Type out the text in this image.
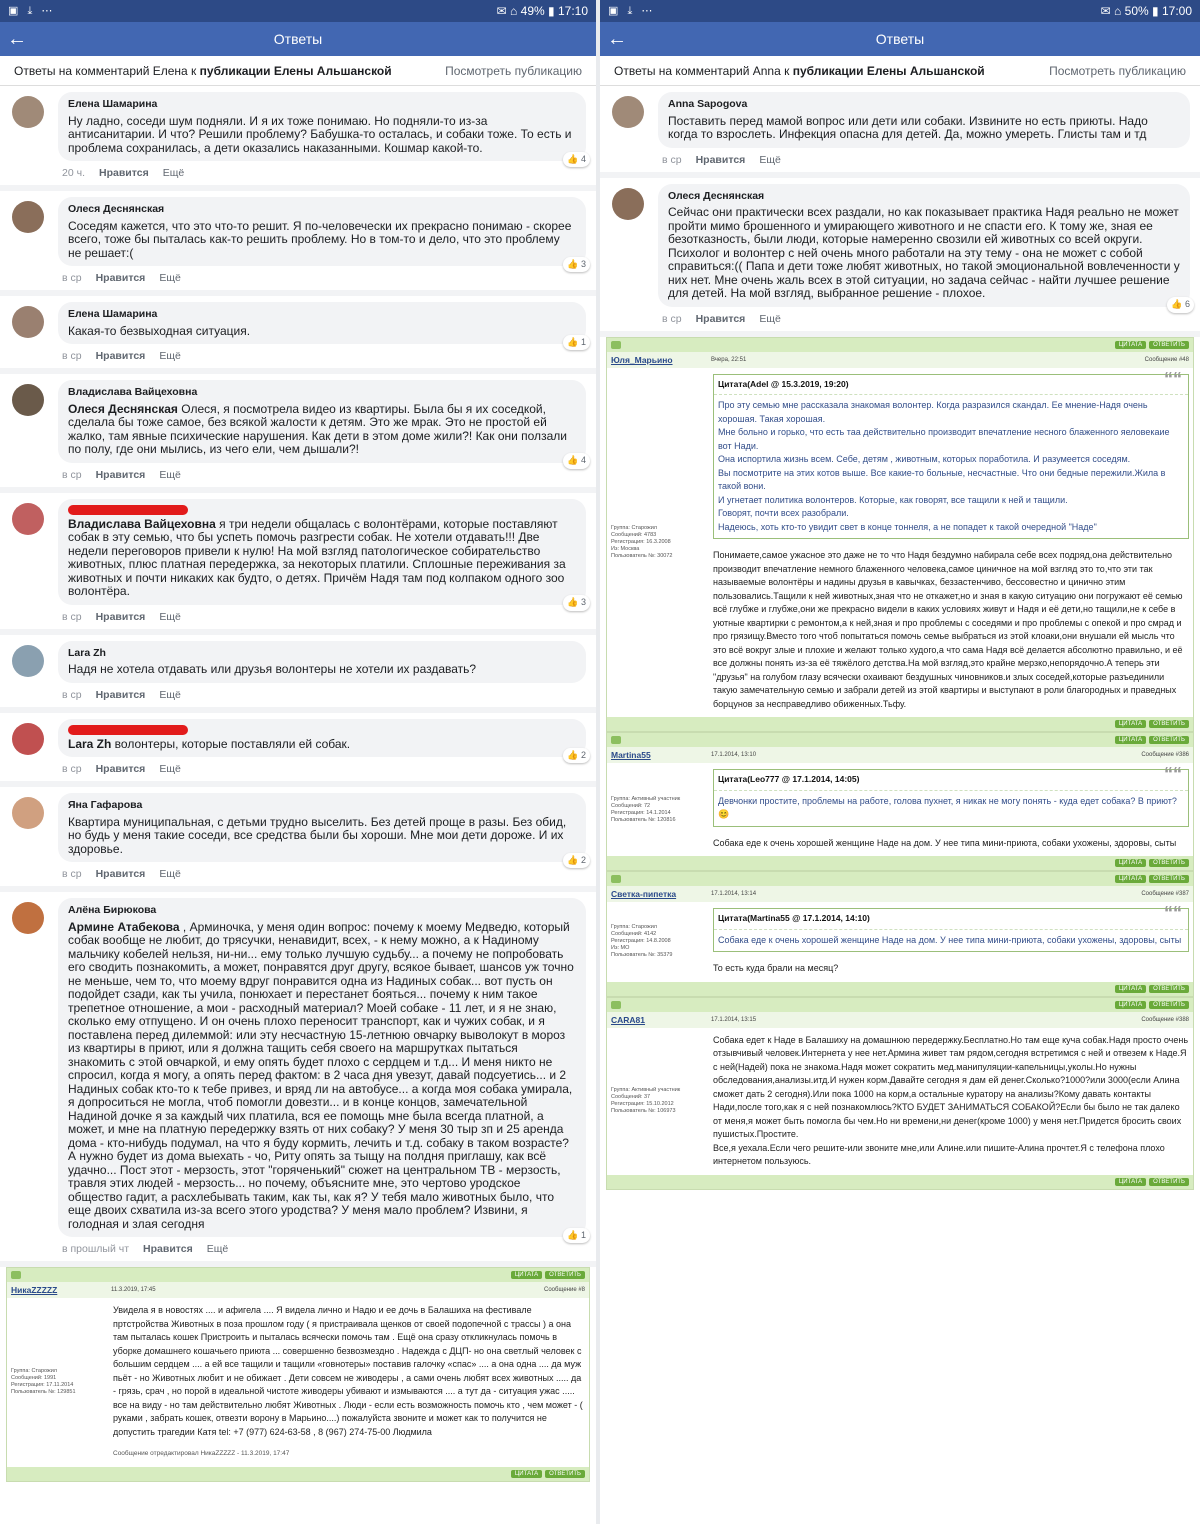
▣ ⤓ ⋯	✉ ⌂ 49% ▮ 17:10
←	Ответы
Ответы на комментарий Елена к публикации Елены Альшанской	Посмотреть публикацию
Елена Шамарина
Ну ладно, соседи шум подняли. И я их тоже понимаю. Но подняли-то из-за антисанитарии. И что? Решили проблему? Бабушка-то осталась, и собаки тоже. То есть и проблема сохранилась, а дети оказались наказанными. Кошмар какой-то.
👍 4
20 ч. Нравится Ещё
Олеся Деснянская
Соседям кажется, что это что-то решит. Я по-человечески их прекрасно понимаю - скорее всего, тоже бы пыталась как-то решить проблему. Но в том-то и дело, что это проблему не решает:(
👍 3
в ср Нравится Ещё
Елена Шамарина
Какая-то безвыходная ситуация.
👍 1
в ср Нравится Ещё
Владислава Вайцеховна
Олеся Деснянская Олеся, я посмотрела видео из квартиры. Была бы я их соседкой, сделала бы тоже самое, без всякой жалости к детям. Это же мрак. Это не простой ей жалко, там явные психические нарушения. Как дети в этом доме жили?! Как они ползали по полу, где они мылись, из чего ели, чем дышали?!
👍 4
в ср Нравится Ещё
Владислава Вайцеховна я три недели общалась с волонтёрами, которые поставляют собак в эту семью, что бы успеть помочь разгрести собак. Не хотели отдавать!!! Две недели переговоров привели к нулю! На мой взгляд патологическое собирательство животных, плюс платная передержка, за некоторых платили. Сплошные переживания за животных и почти никаких как будто, о детях. Причём Надя там под колпаком одного зоо волонтёра.
👍 3
в ср Нравится Ещё
Lara Zh
Надя не хотела отдавать или друзья волонтеры не хотели их раздавать?
в ср Нравится Ещё
Lara Zh волонтеры, которые поставляли ей собак.
👍 2
в ср Нравится Ещё
Яна Гафарова
Квартира муниципальная, с детьми трудно выселить. Без детей проще в разы. Без обид, но будь у меня такие соседи, все средства были бы хороши. Мне мои дети дороже. И их здоровье.
👍 2
в ср Нравится Ещё
Алёна Бирюкова
Армине Атабекова , Арминочка, у меня один вопрос: почему к моему Медведю, который собак вообще не любит, до трясучки, ненавидит, всех, - к нему можно, а к Надиному мальчику кобелей нельзя, ни-ни... ему только лучшую судьбу... а почему не попробовать его сводить познакомить, а может, понравятся друг другу, всякое бывает, шансов уж точно не меньше, чем то, что моему вдруг понравится одна из Надиных собак... вот пусть он подойдет сзади, как ты учила, понюхает и перестанет бояться... почему к ним такое трепетное отношение, а мои - расходный материал? Моей собаке - 11 лет, и я не знаю, сколько ему отпущено. И он очень плохо переносит транспорт, как и чужих собак, и я поставлена перед дилеммой: или эту несчастную 15-летнюю овчарку выволокут в мороз из квартиры в приют, или я должна тащить себя своего на маршрутках пытаться знакомить с этой овчаркой, и ему опять будет плохо с сердцем и т.д... И меня никто не спросил, когда я могу, а опять перед фактом: в 2 часа дня увезут, давай подсуетись... и 2 Надиных собак кто-то к тебе привез, и вряд ли на автобусе... а когда моя собака умирала, я допроситься не могла, чтоб помогли довезти... и в конце концов, замечательной Надиной дочке я за каждый чих платила, вся ее помощь мне была всегда платной, а может, и мне на платную передержку взять от них собаку? У меня 30 тыр зп и 25 аренда дома - кто-нибудь подумал, на что я буду кормить, лечить и т.д. собаку в таком возрасте? А нужно будет из дома выехать - чо, Риту опять за тыщу на полдня приглашу, как всё удачно... Пост этот - мерзость, этот "горяченький" сюжет на центральном ТВ - мерзость, травля этих людей - мерзость... но почему, объясните мне, это чертово уродское общество гадит, а расхлебывать таким, как ты, как я? У тебя мало животных было, что еще двоих схватила из-за всего этого уродства? У меня мало проблем? Извини, я голодная и злая сегодня
👍 1
в прошлый чт Нравится Ещё
ЦИТАТА	ОТВЕТИТЬ
НикаZZZZZ	11.3.2019, 17:45	Сообщение #8
Группа: Старожил
Сообщений: 1991
Регистрация: 17.11.2014
Пользователь №: 129851
Увидела я в новостях .... и афигела .... Я видела лично и Надю и ее дочь в Балашиха на фестивале пртстройства Животных в поза прошлом году ( я пристраивала щенков от своей подопечной с трассы ) а она там пыталась кошек Пристроить и пыталась всячески помочь там . Ещё она сразу откликнулась помочь в уборке домашнего кошачьего приюта ... совершенно безвозмездно . Надежда с ДЦП- но она светлый человек с большим сердцем .... а ей все тащили и тащили «говнотеры» поставив галочку «спас» .... а она одна .... да муж пьёт - но Животных любит и не обижает . Дети совсем не живодеры , а сами очень любят всех животных ..... да - грязь, срач , но порой в идеальной чистоте живодеры убивают и измываются .... а тут да - ситуация ужас ..... все на виду - но там действительно любят Животных . Люди - если есть возможность помочь кто , чем может - ( руками , забрать кошек, отвезти ворону в Марьино....) пожалуйста звоните и может как то получится не допустить трагедии Катя tel: +7 (977) 624-63-58 , 8 (967) 274-75-00 Людмила
Сообщение отредактировал НикаZZZZZ - 11.3.2019, 17:47
ЦИТАТА	ОТВЕТИТЬ
▣ ⤓ ⋯	✉ ⌂ 50% ▮ 17:00
←	Ответы
Ответы на комментарий Anna к публикации Елены Альшанской	Посмотреть публикацию
Anna Sapogova
Поставить перед мамой вопрос или дети или собаки. Извините но есть приюты. Надо когда то взрослеть. Инфекция опасна для детей. Да, можно умереть. Глисты там и тд
в ср Нравится Ещё
Олеся Деснянская
Сейчас они практически всех раздали, но как показывает практика Надя реально не может пройти мимо брошенного и умирающего животного и не спасти его. К тому же, зная ее безотказность, были люди, которые намеренно свозили ей животных со всей округи. Психолог и волонтер с ней очень много работали на эту тему - она не может с собой справиться:(( Папа и дети тоже любят животных, но такой эмоциональной вовлеченности у них нет. Мне очень жаль всех в этой ситуации, но задача сейчас - найти лучшее решение для детей. На мой взгляд, выбранное решение - плохое.
👍 6
в ср Нравится Ещё
ЦИТАТА	ОТВЕТИТЬ
Юля_Марьино	Вчера, 22:51	Сообщение #48
Группа: Старожил
Сообщений: 4783
Регистрация: 16.3.2008
Из: Москва
Пользователь №: 30072
Цитата(Adel @ 15.3.2019, 19:20) ““
Про эту семью мне рассказала знакомая волонтер. Когда разразился скандал. Ее мнение-Надя очень хорошая. Такая хорошая.
Мне больно и горько, что есть таа действительно производит впечатление несного блаженного яеловекаие вот Нади.
Она испортила жизнь всем. Себе, детям , животным, которых поработила. И разумеется соседям.
Вы посмотрите на этих котов выше. Все какие-то больные, несчастные. Что они бедные пережили.Жила в такой вони.
И угнетает политика волонтеров. Которые, как говорят, все тащили к ней и тащили.
Говорят, почти всех разобрали.
Надеюсь, хоть кто-то увидит свет в конце тоннеля, а не попадет к такой очередной "Наде"
Понимаете,самое ужасное это даже не то что Надя бездумно набирала себе всех подряд,она действительно производит впечатление немного блаженного человека,самое циничное на мой взгляд это то,что эти так называемые волонтёры и надины друзья в кавычках, беззастенчиво, бессовестно и цинично этим пользовались.Тащили к ней животных,зная что не откажет,но и зная в какую ситуацию они погружают её семью всё глубже и глубже,они же прекрасно видели в каких условиях живут и Надя и её дети,но тащили,не к себе в уютные квартирки с ремонтом,а к ней,зная и про проблемы с соседями и про проблемы с опекой и про смрад и про грязищу.Вместо того чтоб попытаться помочь семье выбраться из этой клоаки,они внушали ей мысль что это всё вокруг злые и плохие и желают только худого,а что сама Надя всё делается абсолютно правильно, и её все должны понять из-за её тяжёлого детства.На мой взгляд,это крайне мерзко,непорядочно.А теперь эти "друзья" на голубом глазу всячески охаивают бездушных чиновников.и злых соседей,которые разъединили такую замечательную семью и забрали детей из этой квартиры и выступают в роли благородных и праведных борцунов за несправедливо обиженных.Тьфу.
ЦИТАТА	ОТВЕТИТЬ
ЦИТАТА	ОТВЕТИТЬ
Martina55	17.1.2014, 13:10	Сообщение #386
Группа: Активный участник
Сообщений: 72
Регистрация: 14.1.2014
Пользователь №: 120816
Цитата(Leo777 @ 17.1.2014, 14:05) ““
Девчонки простите, проблемы на работе, голова пухнет, я никак не могу понять - куда едет собака? В приют? 😊
Собака еде к очень хорошей женщине Наде на дом. У нее типа мини-приюта, собаки ухожены, здоровы, сыты
ЦИТАТА	ОТВЕТИТЬ
ЦИТАТА	ОТВЕТИТЬ
Светка-пипетка	17.1.2014, 13:14	Сообщение #387
Группа: Старожил
Сообщений: 4142
Регистрация: 14.8.2008
Из: МО
Пользователь №: 35379
Цитата(Martina55 @ 17.1.2014, 14:10) ““
Собака еде к очень хорошей женщине Наде на дом. У нее типа мини-приюта, собаки ухожены, здоровы, сыты
То есть куда брали на месяц?
ЦИТАТА	ОТВЕТИТЬ
ЦИТАТА	ОТВЕТИТЬ
CARA81	17.1.2014, 13:15	Сообщение #388
Группа: Активный участник
Сообщений: 37
Регистрация: 15.10.2012
Пользователь №: 106973
Собака едет к Наде в Балашиху на домашнюю передержку.Бесплатно.Но там еще куча собак.Надя просто очень отзывчивый человек.Интернета у нее нет.Армина живет там рядом,сегодня встретимся с ней и отвезем к Наде.Я с ней(Надей) пока не знакома.Надя может сократить мед.манипуляции-капельницы,уколы.Но нужны обследования,анализы.итд.И нужен корм.Давайте сегодня я дам ей денег.Сколько?1000?или 3000(если Алина сможет дать 2 сегодня).Или пока 1000 на корм,а остальные куратору на анализы?Кому давать контакты Нади,после того,как я с ней познакомлюсь?КТО БУДЕТ ЗАНИМАТЬСЯ СОБАКОЙ?Если бы было не так далеко от меня,я может быть помогла бы чем.Но ни времени,ни денег(кроме 1000) у меня нет.Придется бросить своих пушистых.Простите.
Все,я уехала.Если чего решите-или звоните мне,или Алине.или пишите-Алина прочтет.Я с телефона плохо интернетом пользуюсь.
ЦИТАТА	ОТВЕТИТЬ
